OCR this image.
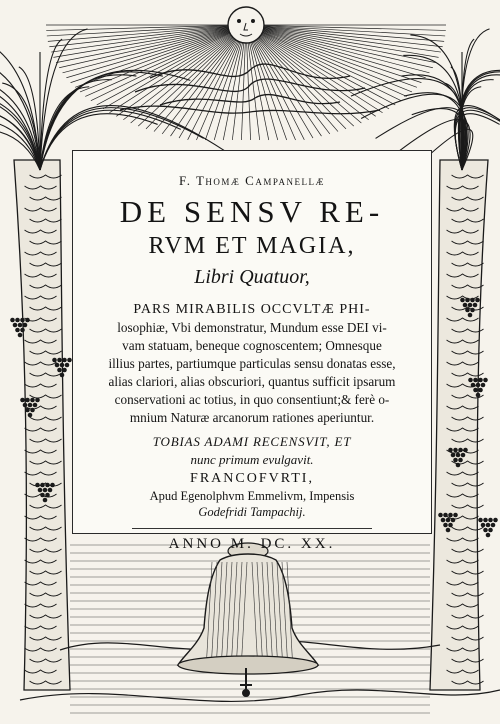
F. Thomæ Campanellæ
DE SENSV RE-
RVM ET MAGIA,
Libri Quatuor,
PARS MIRABILIS OCCVLTÆ PHI-
losophiæ, Vbi demonstratur, Mundum esse DEI vi-
vam statuam, beneque cognoscentem; Omnesque
illius partes, partiumque particulas sensu donatas esse,
alias clariori, alias obscuriori, quantus sufficit ipsarum
conservationi ac totius, in quo consentiunt;& ferè o-
mnium Naturæ arcanorum rationes aperiuntur.
TOBIAS ADAMI RECENSVIT, ET
nunc primum evulgavit.
FRANCOFVRTI,
Apud Egenolphvm Emmelivm, Impensis
Godefridi Tampachij.
ANNO M. DC. XX.
